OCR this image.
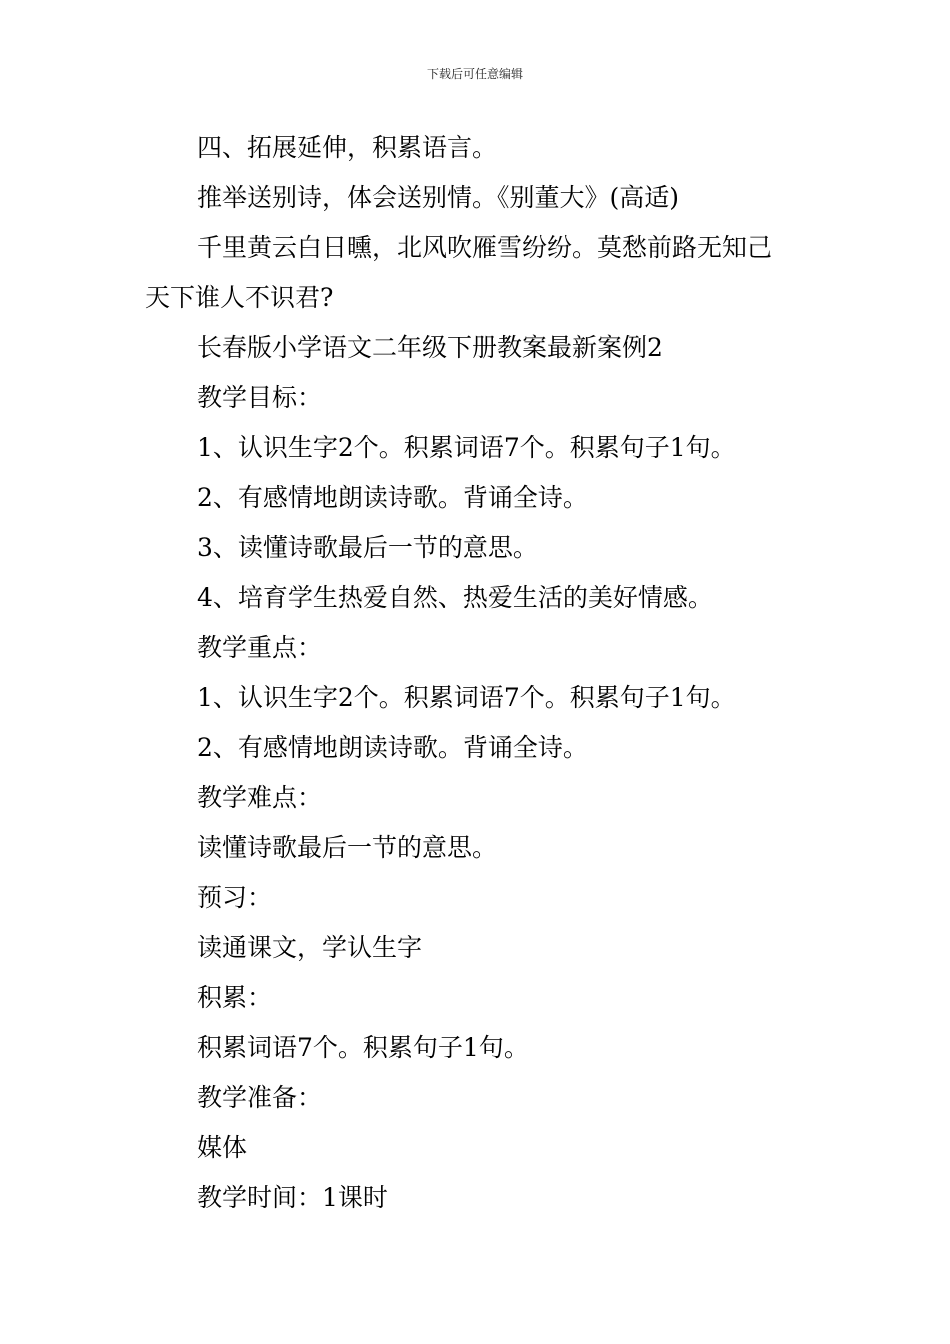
下载后可任意编辑
四、拓展延伸，积累语言。
推举送别诗，体会送别情。《别董大》(高适)
千里黄云白日曛，北风吹雁雪纷纷。莫愁前路无知己
天下谁人不识君?
长春版小学语文二年级下册教案最新案例2
教学目标：
1、认识生字2个。积累词语7个。积累句子1句。
2、有感情地朗读诗歌。背诵全诗。
3、读懂诗歌最后一节的意思。
4、培育学生热爱自然、热爱生活的美好情感。
教学重点：
1、认识生字2个。积累词语7个。积累句子1句。
2、有感情地朗读诗歌。背诵全诗。
教学难点：
读懂诗歌最后一节的意思。
预习：
读通课文，学认生字
积累：
积累词语7个。积累句子1句。
教学准备：
媒体
教学时间：1课时
